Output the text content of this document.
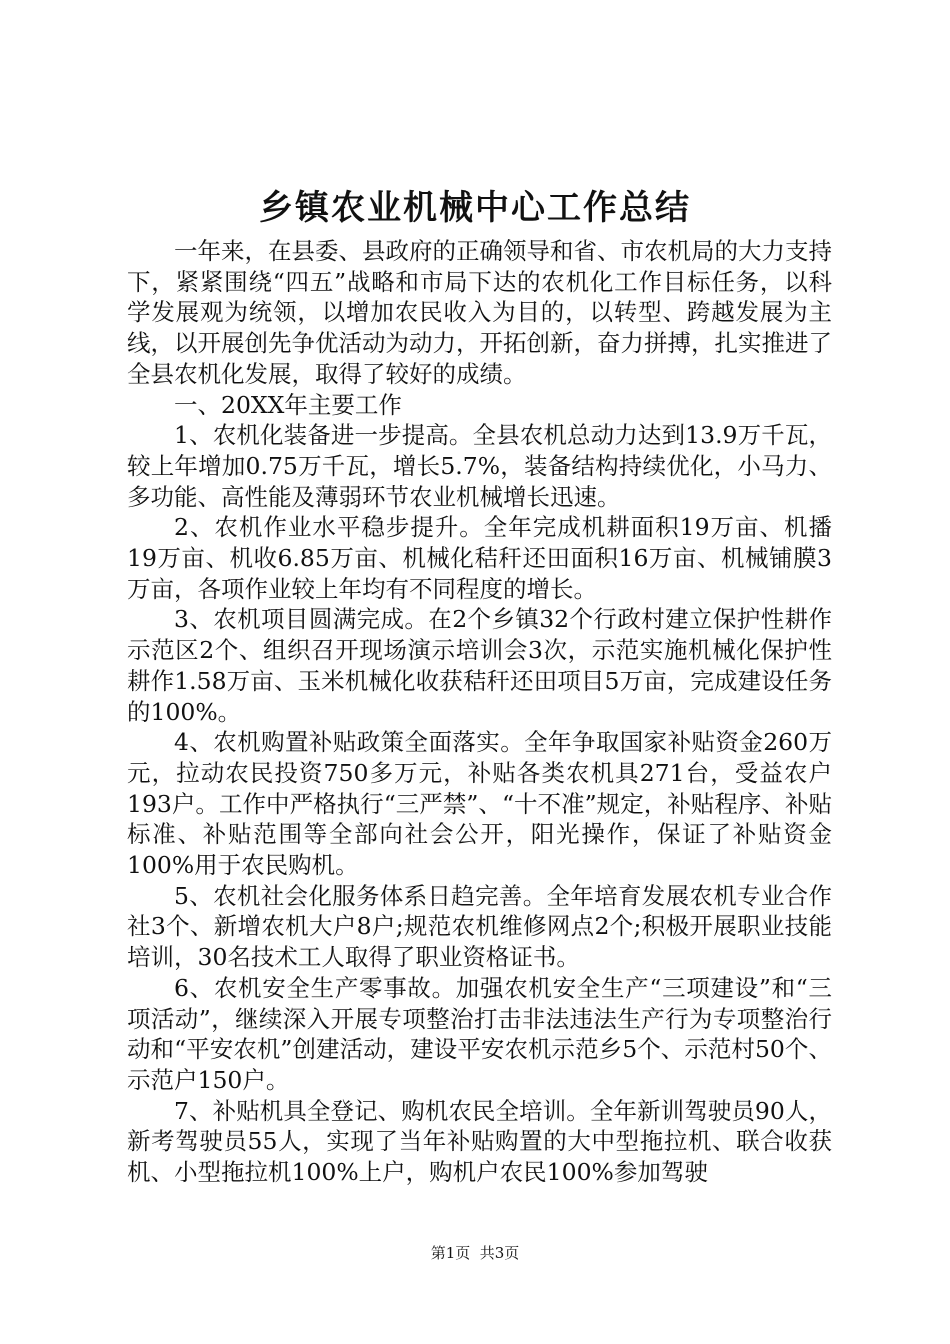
乡镇农业机械中心工作总结

一年来，在县委、县政府的正确领导和省、市农机局的大力支持下，紧紧围绕“四五”战略和市局下达的农机化工作目标任务，以科学发展观为统领，以增加农民收入为目的，以转型、跨越发展为主线，以开展创先争优活动为动力，开拓创新，奋力拼搏，扎实推进了全县农机化发展，取得了较好的成绩。

一、20XX年主要工作

1、农机化装备进一步提高。全县农机总动力达到13.9万千瓦，较上年增加0.75万千瓦，增长5.7%，装备结构持续优化，小马力、多功能、高性能及薄弱环节农业机械增长迅速。

2、农机作业水平稳步提升。全年完成机耕面积19万亩、机播19万亩、机收6.85万亩、机械化秸秆还田面积16万亩、机械铺膜3万亩，各项作业较上年均有不同程度的增长。

3、农机项目圆满完成。在2个乡镇32个行政村建立保护性耕作示范区2个、组织召开现场演示培训会3次，示范实施机械化保护性耕作1.58万亩、玉米机械化收获秸秆还田项目5万亩，完成建设任务的100%。

4、农机购置补贴政策全面落实。全年争取国家补贴资金260万元，拉动农民投资750多万元，补贴各类农机具271台，受益农户193户。工作中严格执行“三严禁”、“十不准”规定，补贴程序、补贴标准、补贴范围等全部向社会公开，阳光操作，保证了补贴资金100%用于农民购机。

5、农机社会化服务体系日趋完善。全年培育发展农机专业合作社3个、新增农机大户8户;规范农机维修网点2个;积极开展职业技能培训，30名技术工人取得了职业资格证书。

6、农机安全生产零事故。加强农机安全生产“三项建设”和“三项活动”，继续深入开展专项整治打击非法违法生产行为专项整治行动和“平安农机”创建活动，建设平安农机示范乡5个、示范村50个、示范户150户。

7、补贴机具全登记、购机农民全培训。全年新训驾驶员90人，新考驾驶员55人，实现了当年补贴购置的大中型拖拉机、联合收获机、小型拖拉机100%上户，购机户农民100%参加驾驶

第1页  共3页
